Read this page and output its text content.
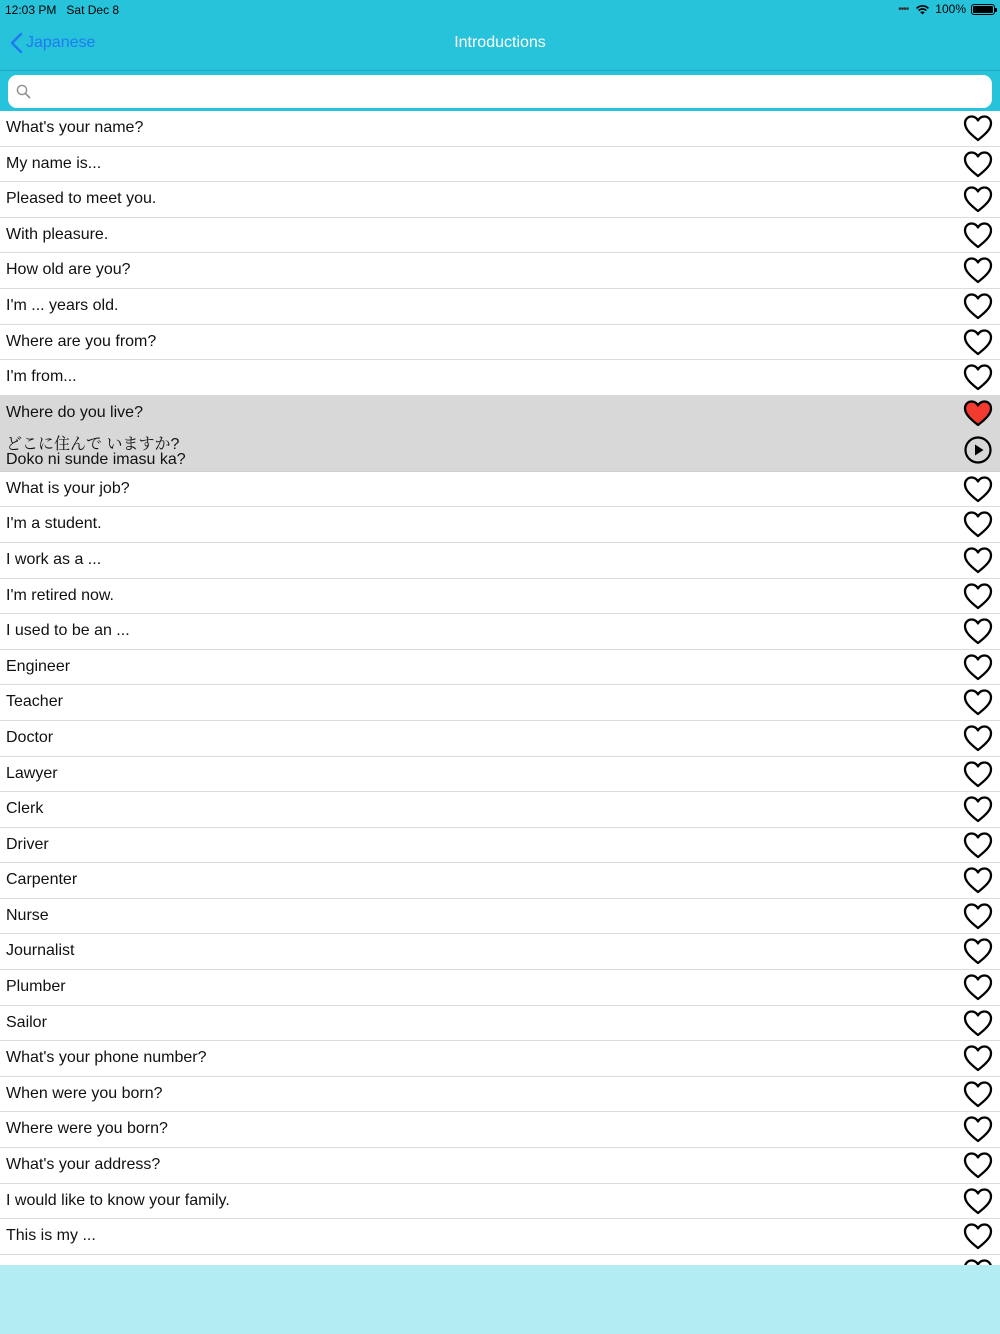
12:03 PM Sat Dec 8	•••• 100%
Japanese	Introductions
What's your name?
My name is...
Pleased to meet you.
With pleasure.
How old are you?
I'm ... years old.
Where are you from?
I'm from...
Where do you live?
どこに住んで いますか?
Doko ni sunde imasu ka?
What is your job?
I'm a student.
I work as a ...
I'm retired now.
I used to be an ...
Engineer
Teacher
Doctor
Lawyer
Clerk
Driver
Carpenter
Nurse
Journalist
Plumber
Sailor
What's your phone number?
When were you born?
Where were you born?
What's your address?
I would like to know your family.
This is my ...
